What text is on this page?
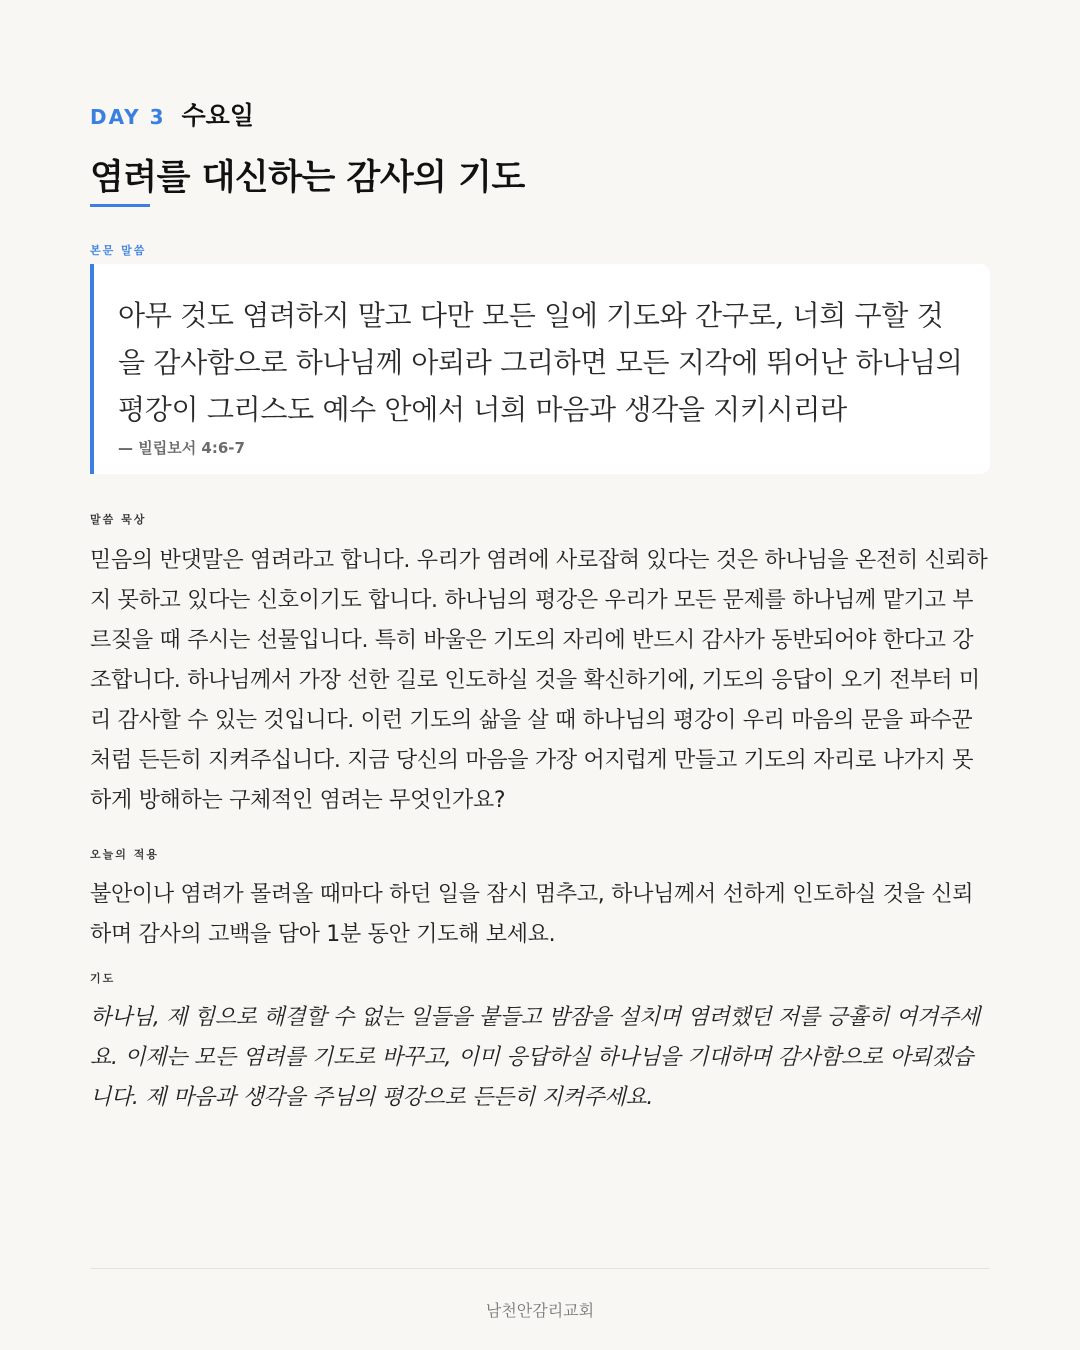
DAY 3 수요일
염려를 대신하는 감사의 기도
본문 말씀

아무 것도 염려하지 말고 다만 모든 일에 기도와 간구로, 너희 구할 것을 감사함으로 하나님께 아뢰라 그리하면 모든 지각에 뛰어난 하나님의 평강이 그리스도 예수 안에서 너희 마음과 생각을 지키시리라

— 빌립보서 4:6-7
말씀 묵상

믿음의 반댓말은 염려라고 합니다. 우리가 염려에 사로잡혀 있다는 것은 하나님을 온전히 신뢰하지 못하고 있다는 신호이기도 합니다. 하나님의 평강은 우리가 모든 문제를 하나님께 맡기고 부르짖을 때 주시는 선물입니다. 특히 바울은 기도의 자리에 반드시 감사가 동반되어야 한다고 강조합니다. 하나님께서 가장 선한 길로 인도하실 것을 확신하기에, 기도의 응답이 오기 전부터 미리 감사할 수 있는 것입니다. 이런 기도의 삶을 살 때 하나님의 평강이 우리 마음의 문을 파수꾼처럼 든든히 지켜주십니다. 지금 당신의 마음을 가장 어지럽게 만들고 기도의 자리로 나가지 못하게 방해하는 구체적인 염려는 무엇인가요?

오늘의 적용

불안이나 염려가 몰려올 때마다 하던 일을 잠시 멈추고, 하나님께서 선하게 인도하실 것을 신뢰하며 감사의 고백을 담아 1분 동안 기도해 보세요.

기도

하나님, 제 힘으로 해결할 수 없는 일들을 붙들고 밤잠을 설치며 염려했던 저를 긍휼히 여겨주세요. 이제는 모든 염려를 기도로 바꾸고, 이미 응답하실 하나님을 기대하며 감사함으로 아뢰겠습니다. 제 마음과 생각을 주님의 평강으로 든든히 지켜주세요.

남천안감리교회
